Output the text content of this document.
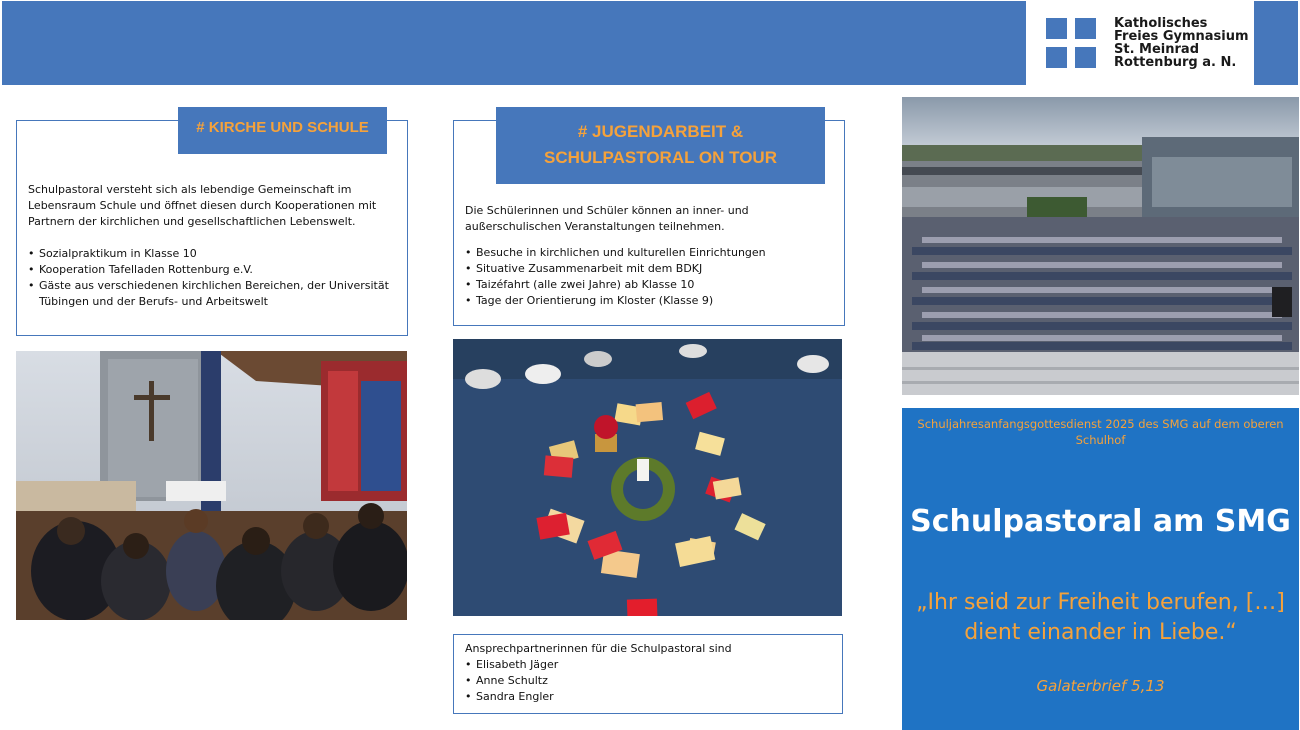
Katholisches
Freies Gymnasium
St. Meinrad
Rottenburg a. N.

Schulpastoral versteht sich als lebendige Gemeinschaft im Lebensraum Schule und öffnet diesen durch Kooperationen mit Partnern der kirchlichen und gesellschaftlichen Lebenswelt.

• Sozialpraktikum in Klasse 10
• Kooperation Tafelladen Rottenburg e.V.
• Gäste aus verschiedenen kirchlichen Bereichen, der Universität Tübingen und der Berufs- und Arbeitswelt
# KIRCHE UND SCHULE

Die Schülerinnen und Schüler können an inner- und außerschulischen Veranstaltungen teilnehmen.

• Besuche in kirchlichen und kulturellen Einrichtungen
• Situative Zusammenarbeit mit dem BDKJ
• Taizéfahrt (alle zwei Jahre) ab Klasse 10
• Tage der Orientierung im Kloster (Klasse 9)
# JUGENDARBEIT &
SCHULPASTORAL ON TOUR

Ansprechpartnerinnen für die Schulpastoral sind

• Elisabeth Jäger
• Anne Schultz
• Sandra Engler
Schuljahresanfangsgottesdienst 2025 des SMG auf dem oberen Schulhof
Schulpastoral am SMG
„Ihr seid zur Freiheit berufen, […]
dient einander in Liebe.“
Galaterbrief 5,13
